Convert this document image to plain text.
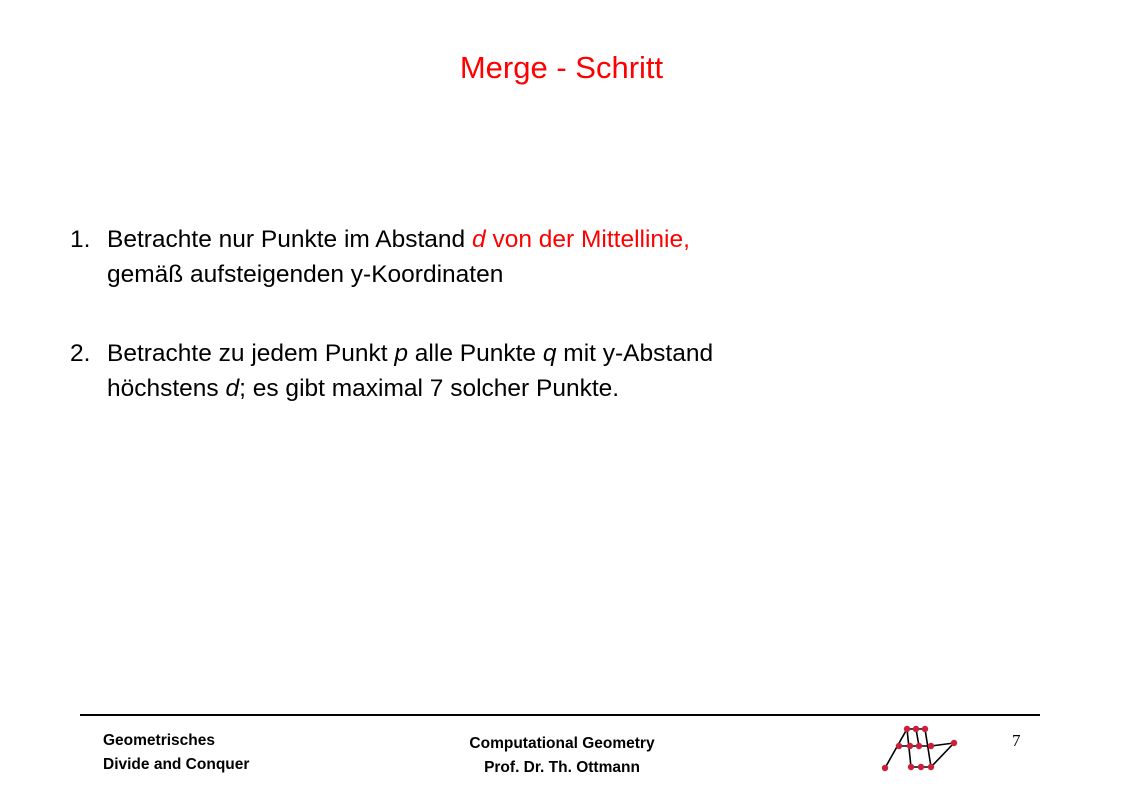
Merge - Schritt
1. Betrachte nur Punkte im Abstand d von der Mittellinie,
gemäß aufsteigenden y-Koordinaten
2. Betrachte zu jedem Punkt p alle Punkte q mit y-Abstand
höchstens d; es gibt maximal 7 solcher Punkte.
Geometrisches
Divide and Conquer
Computational Geometry
Prof. Dr. Th. Ottmann
7
